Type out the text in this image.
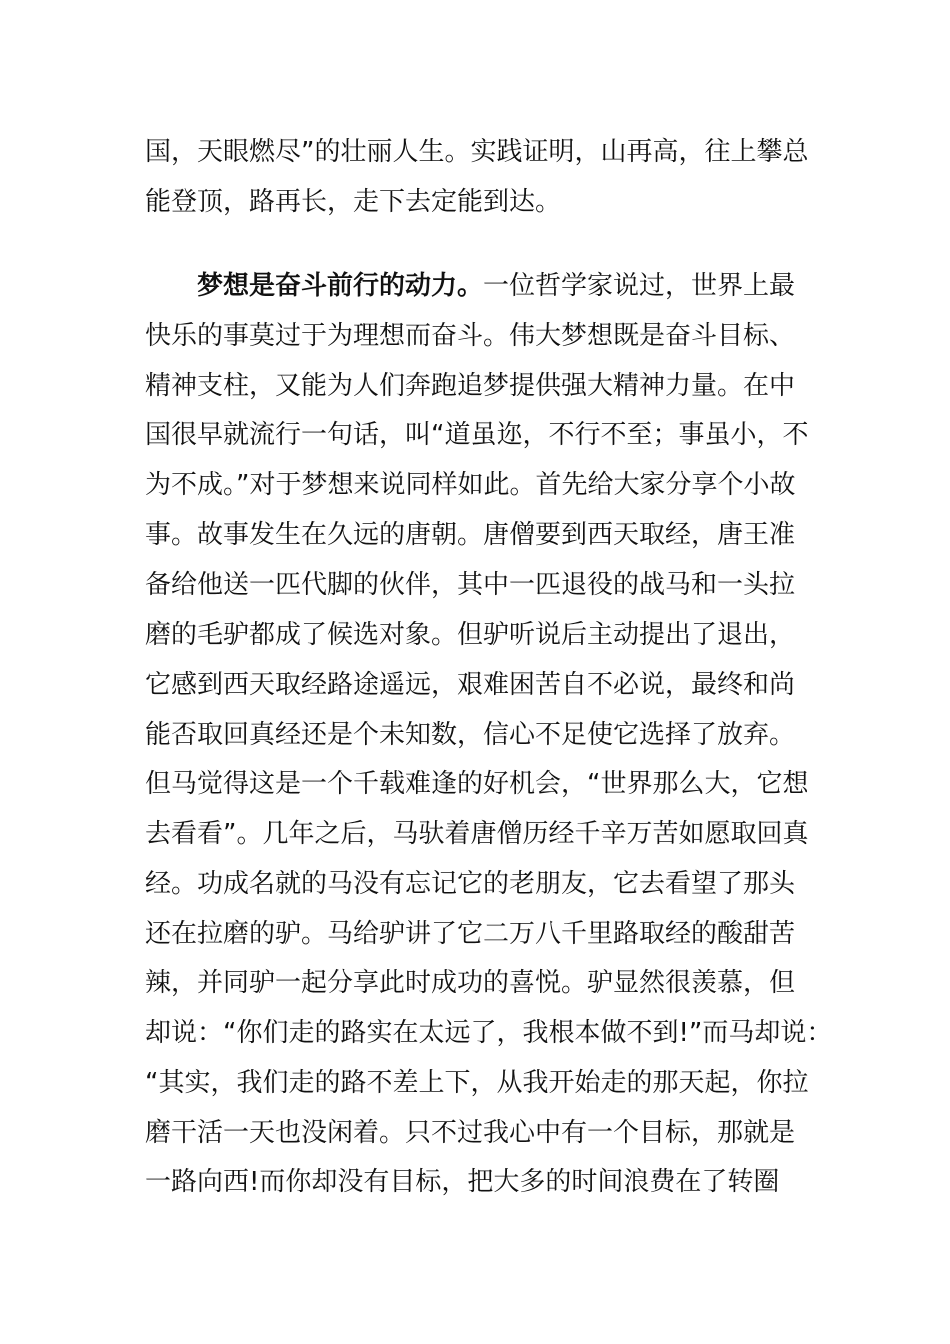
国，天眼燃尽”的壮丽人生。实践证明，山再高，往上攀总

能登顶，路再长，走下去定能到达。

梦想是奋斗前行的动力。一位哲学家说过，世界上最

快乐的事莫过于为理想而奋斗。伟大梦想既是奋斗目标、

精神支柱，又能为人们奔跑追梦提供强大精神力量。在中

国很早就流行一句话，叫“道虽迩，不行不至；事虽小，不

为不成。”对于梦想来说同样如此。首先给大家分享个小故

事。故事发生在久远的唐朝。唐僧要到西天取经，唐王准

备给他送一匹代脚的伙伴，其中一匹退役的战马和一头拉

磨的毛驴都成了候选对象。但驴听说后主动提出了退出，

它感到西天取经路途遥远，艰难困苦自不必说，最终和尚

能否取回真经还是个未知数，信心不足使它选择了放弃。

但马觉得这是一个千载难逢的好机会，“世界那么大，它想

去看看”。几年之后，马驮着唐僧历经千辛万苦如愿取回真

经。功成名就的马没有忘记它的老朋友，它去看望了那头

还在拉磨的驴。马给驴讲了它二万八千里路取经的酸甜苦

辣，并同驴一起分享此时成功的喜悦。驴显然很羡慕，但

却说：“你们走的路实在太远了，我根本做不到!”而马却说：

“其实，我们走的路不差上下，从我开始走的那天起，你拉

磨干活一天也没闲着。只不过我心中有一个目标，那就是

一路向西!而你却没有目标，把大多的时间浪费在了转圈
